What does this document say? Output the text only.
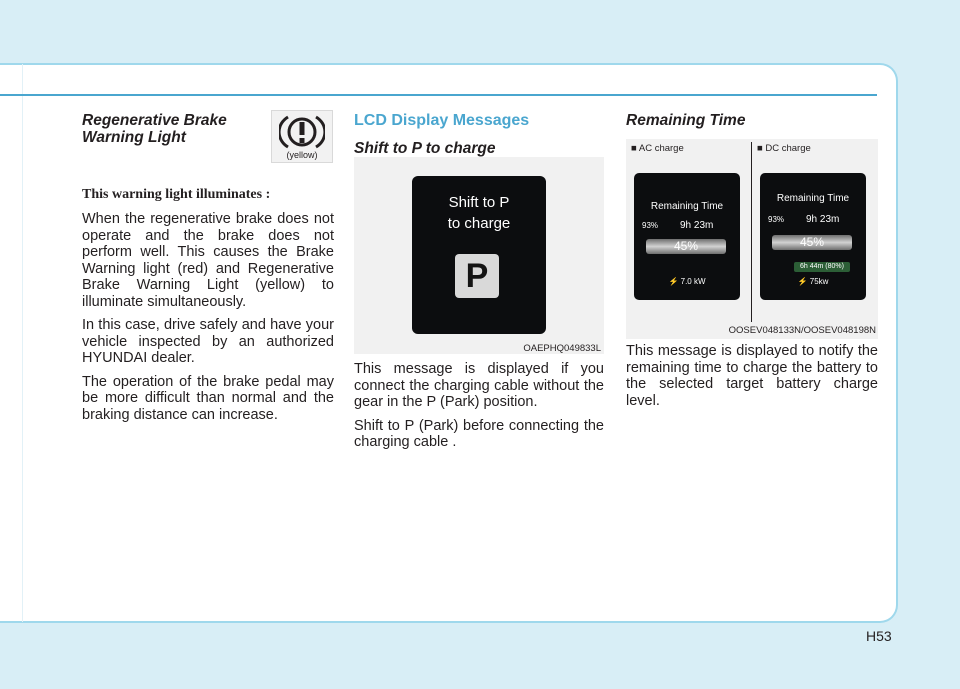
Regenerative Brake Warning Light

This warning light illuminates :

When the regenerative brake does not operate and the brake does not perform well. This causes the Brake Warning light (red) and Regenerative Brake Warning Light (yellow) to illuminate simultaneously.

In this case, drive safely and have your vehicle inspected by an authorized HYUNDAI dealer.

The operation of the brake pedal may be more difficult than normal and the braking distance can increase.

(yellow)

LCD Display Messages

Shift to P to charge

This message is displayed if you connect the charging cable without the gear in the P (Park) position.

Shift to P (Park) before connecting the charging cable .

Shift to P
to charge
P
OAEPHQ049833L

Remaining Time

This message is displayed to notify the remaining time to charge the battery to the selected target battery charge level.

■ AC charge	■ DC charge
Remaining Time
93% 9h 23m
45%
⚡ 7.0 kW
Remaining Time
93% 9h 23m
45%
6h 44m (80%)
⚡ 75kw
OOSEV048133N/OOSEV048198N
H53
